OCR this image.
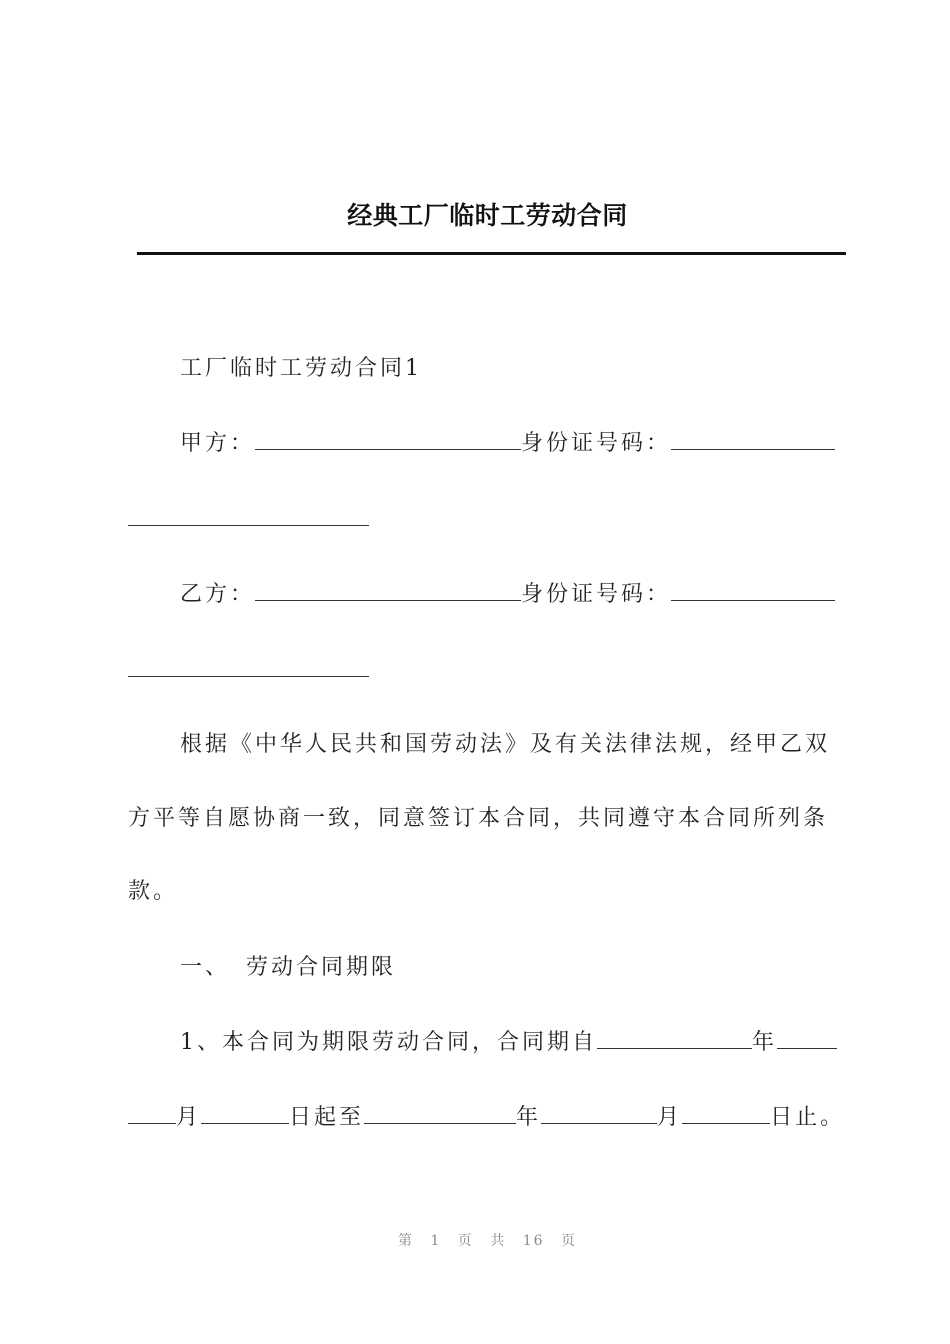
经典工厂临时工劳动合同
工厂临时工劳动合同1
甲方：	身份证号码：
乙方：	身份证号码：
根据《中华人民共和国劳动法》及有关法律法规，经甲乙双
方平等自愿协商一致，同意签订本合同，共同遵守本合同所列条
款。
一、 劳动合同期限
1、本合同为期限劳动合同，合同期自	年
月	日起至	年	月	日止。
第 1 页 共 16 页
